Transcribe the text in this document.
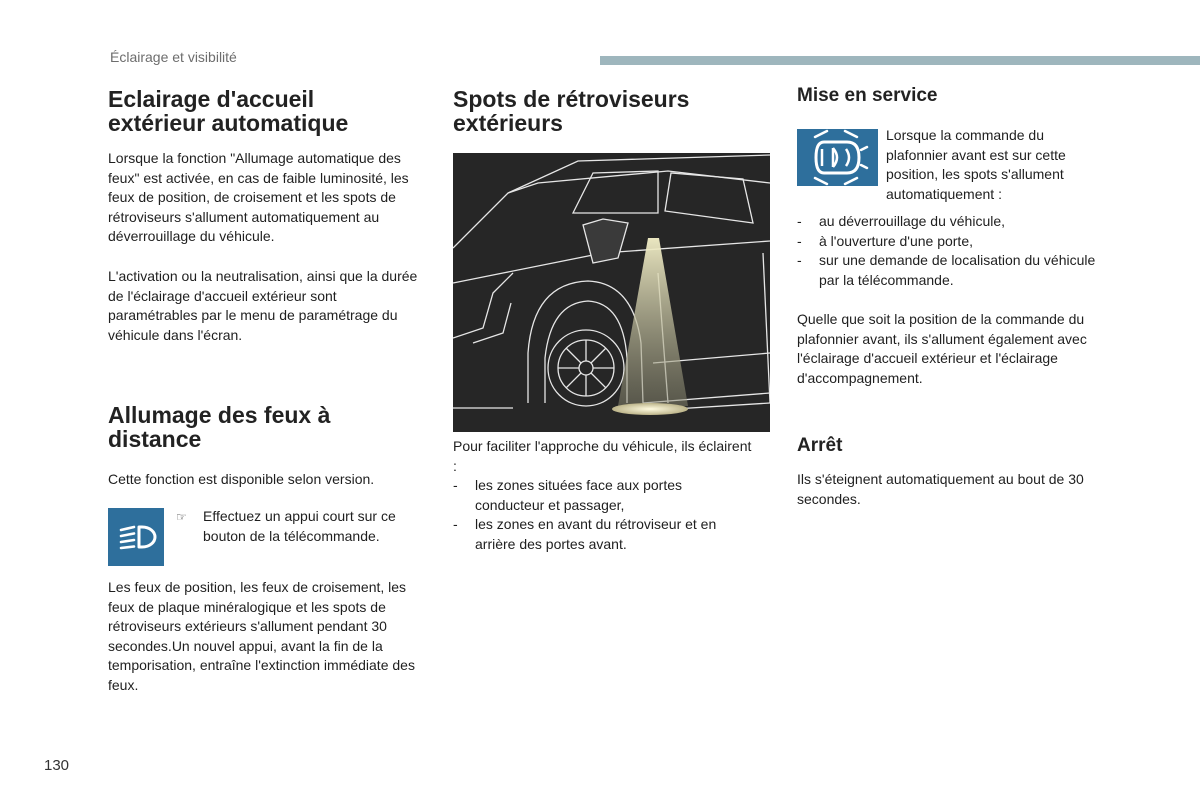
Éclairage et visibilité
Eclairage d'accueil
extérieur automatique

Lorsque la fonction "Allumage automatique des feux" est activée, en cas de faible luminosité, les feux de position, de croisement et les spots de rétroviseurs s'allument automatiquement au déverrouillage du véhicule.

L'activation ou la neutralisation, ainsi que la durée de l'éclairage d'accueil extérieur sont paramétrables par le menu de paramétrage du véhicule dans l'écran.

Allumage des feux à
distance

Cette fonction est disponible selon version.

☞ Effectuez un appui court sur ce bouton de la télécommande.

Les feux de position, les feux de croisement, les feux de plaque minéralogique et les spots de rétroviseurs extérieurs s'allument pendant 30 secondes.Un nouvel appui, avant la fin de la temporisation, entraîne l'extinction immédiate des feux.

Spots de rétroviseurs
extérieurs

Pour faciliter l'approche du véhicule, ils éclairent :

- les zones situées face aux portes conducteur et passager,
- les zones en avant du rétroviseur et en arrière des portes avant.
Mise en service

Lorsque la commande du plafonnier avant est sur cette position, les spots s'allument automatiquement :

- au déverrouillage du véhicule,
- à l'ouverture d'une porte,
- sur une demande de localisation du véhicule par la télécommande.

Quelle que soit la position de la commande du plafonnier avant, ils s'allument également avec l'éclairage d'accueil extérieur et l'éclairage d'accompagnement.

Arrêt

Ils s'éteignent automatiquement au bout de 30 secondes.

130
